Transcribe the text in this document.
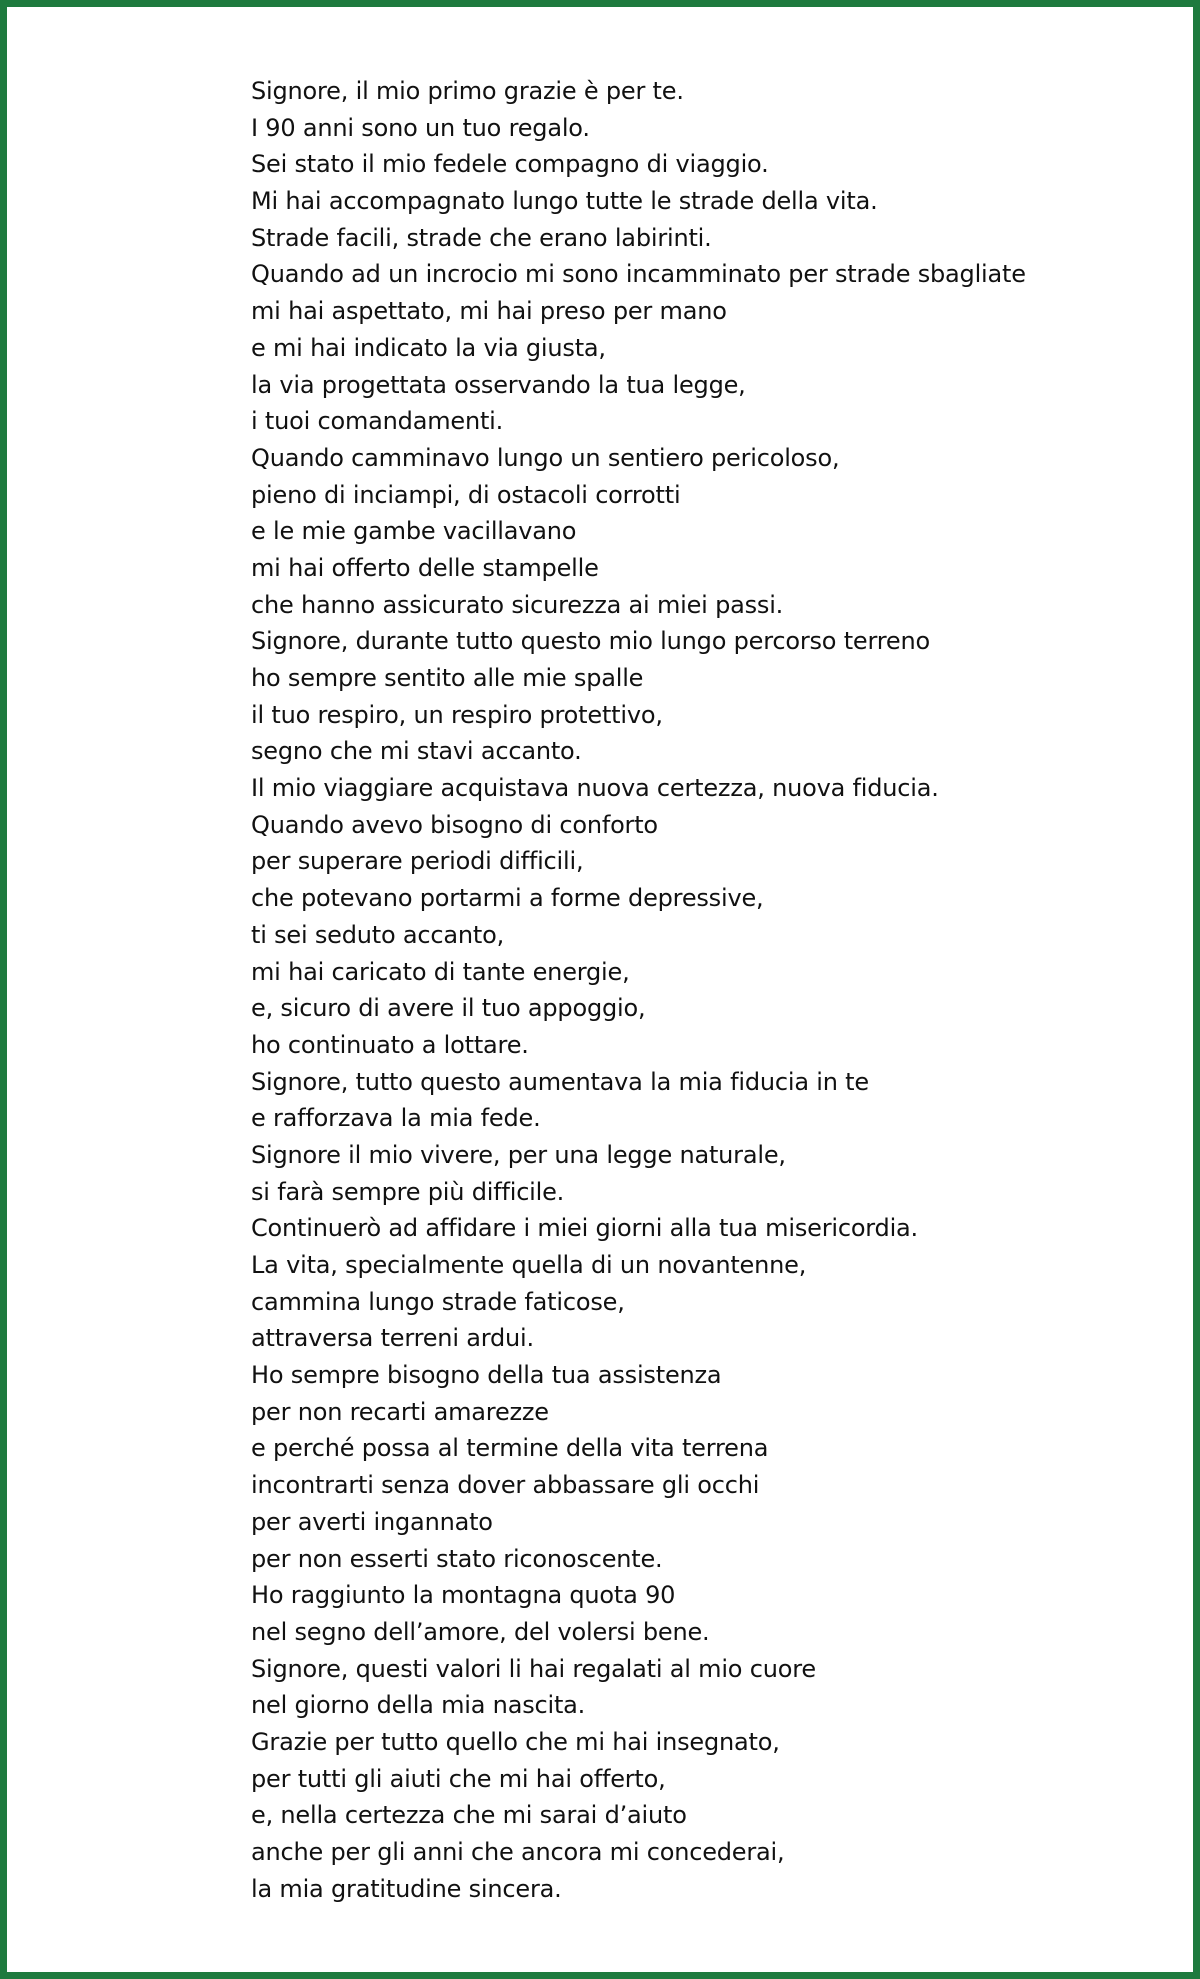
Signore, il mio primo grazie è per te.
I 90 anni sono un tuo regalo.
Sei stato il mio fedele compagno di viaggio.
Mi hai accompagnato lungo tutte le strade della vita.
Strade facili, strade che erano labirinti.
Quando ad un incrocio mi sono incamminato per strade sbagliate
mi hai aspettato, mi hai preso per mano
e mi hai indicato la via giusta,
la via progettata osservando la tua legge,
i tuoi comandamenti.
Quando camminavo lungo un sentiero pericoloso,
pieno di inciampi, di ostacoli corrotti
e le mie gambe vacillavano
mi hai offerto delle stampelle
che hanno assicurato sicurezza ai miei passi.
Signore, durante tutto questo mio lungo percorso terreno
ho sempre sentito alle mie spalle
il tuo respiro, un respiro protettivo,
segno che mi stavi accanto.
Il mio viaggiare acquistava nuova certezza, nuova fiducia.
Quando avevo bisogno di conforto
per superare periodi difficili,
che potevano portarmi a forme depressive,
ti sei seduto accanto,
mi hai caricato di tante energie,
e, sicuro di avere il tuo appoggio,
ho continuato a lottare.
Signore, tutto questo aumentava la mia fiducia in te
e rafforzava la mia fede.
Signore il mio vivere, per una legge naturale,
si farà sempre più difficile.
Continuerò ad affidare i miei giorni alla tua misericordia.
La vita, specialmente quella di un novantenne,
cammina lungo strade faticose,
attraversa terreni ardui.
Ho sempre bisogno della tua assistenza
per non recarti amarezze
e perché possa al termine della vita terrena
incontrarti senza dover abbassare gli occhi
per averti ingannato
per non esserti stato riconoscente.
Ho raggiunto la montagna quota 90
nel segno dell’amore, del volersi bene.
Signore, questi valori li hai regalati al mio cuore
nel giorno della mia nascita.
Grazie per tutto quello che mi hai insegnato,
per tutti gli aiuti che mi hai offerto,
e, nella certezza che mi sarai d’aiuto
anche per gli anni che ancora mi concederai,
la mia gratitudine sincera.
